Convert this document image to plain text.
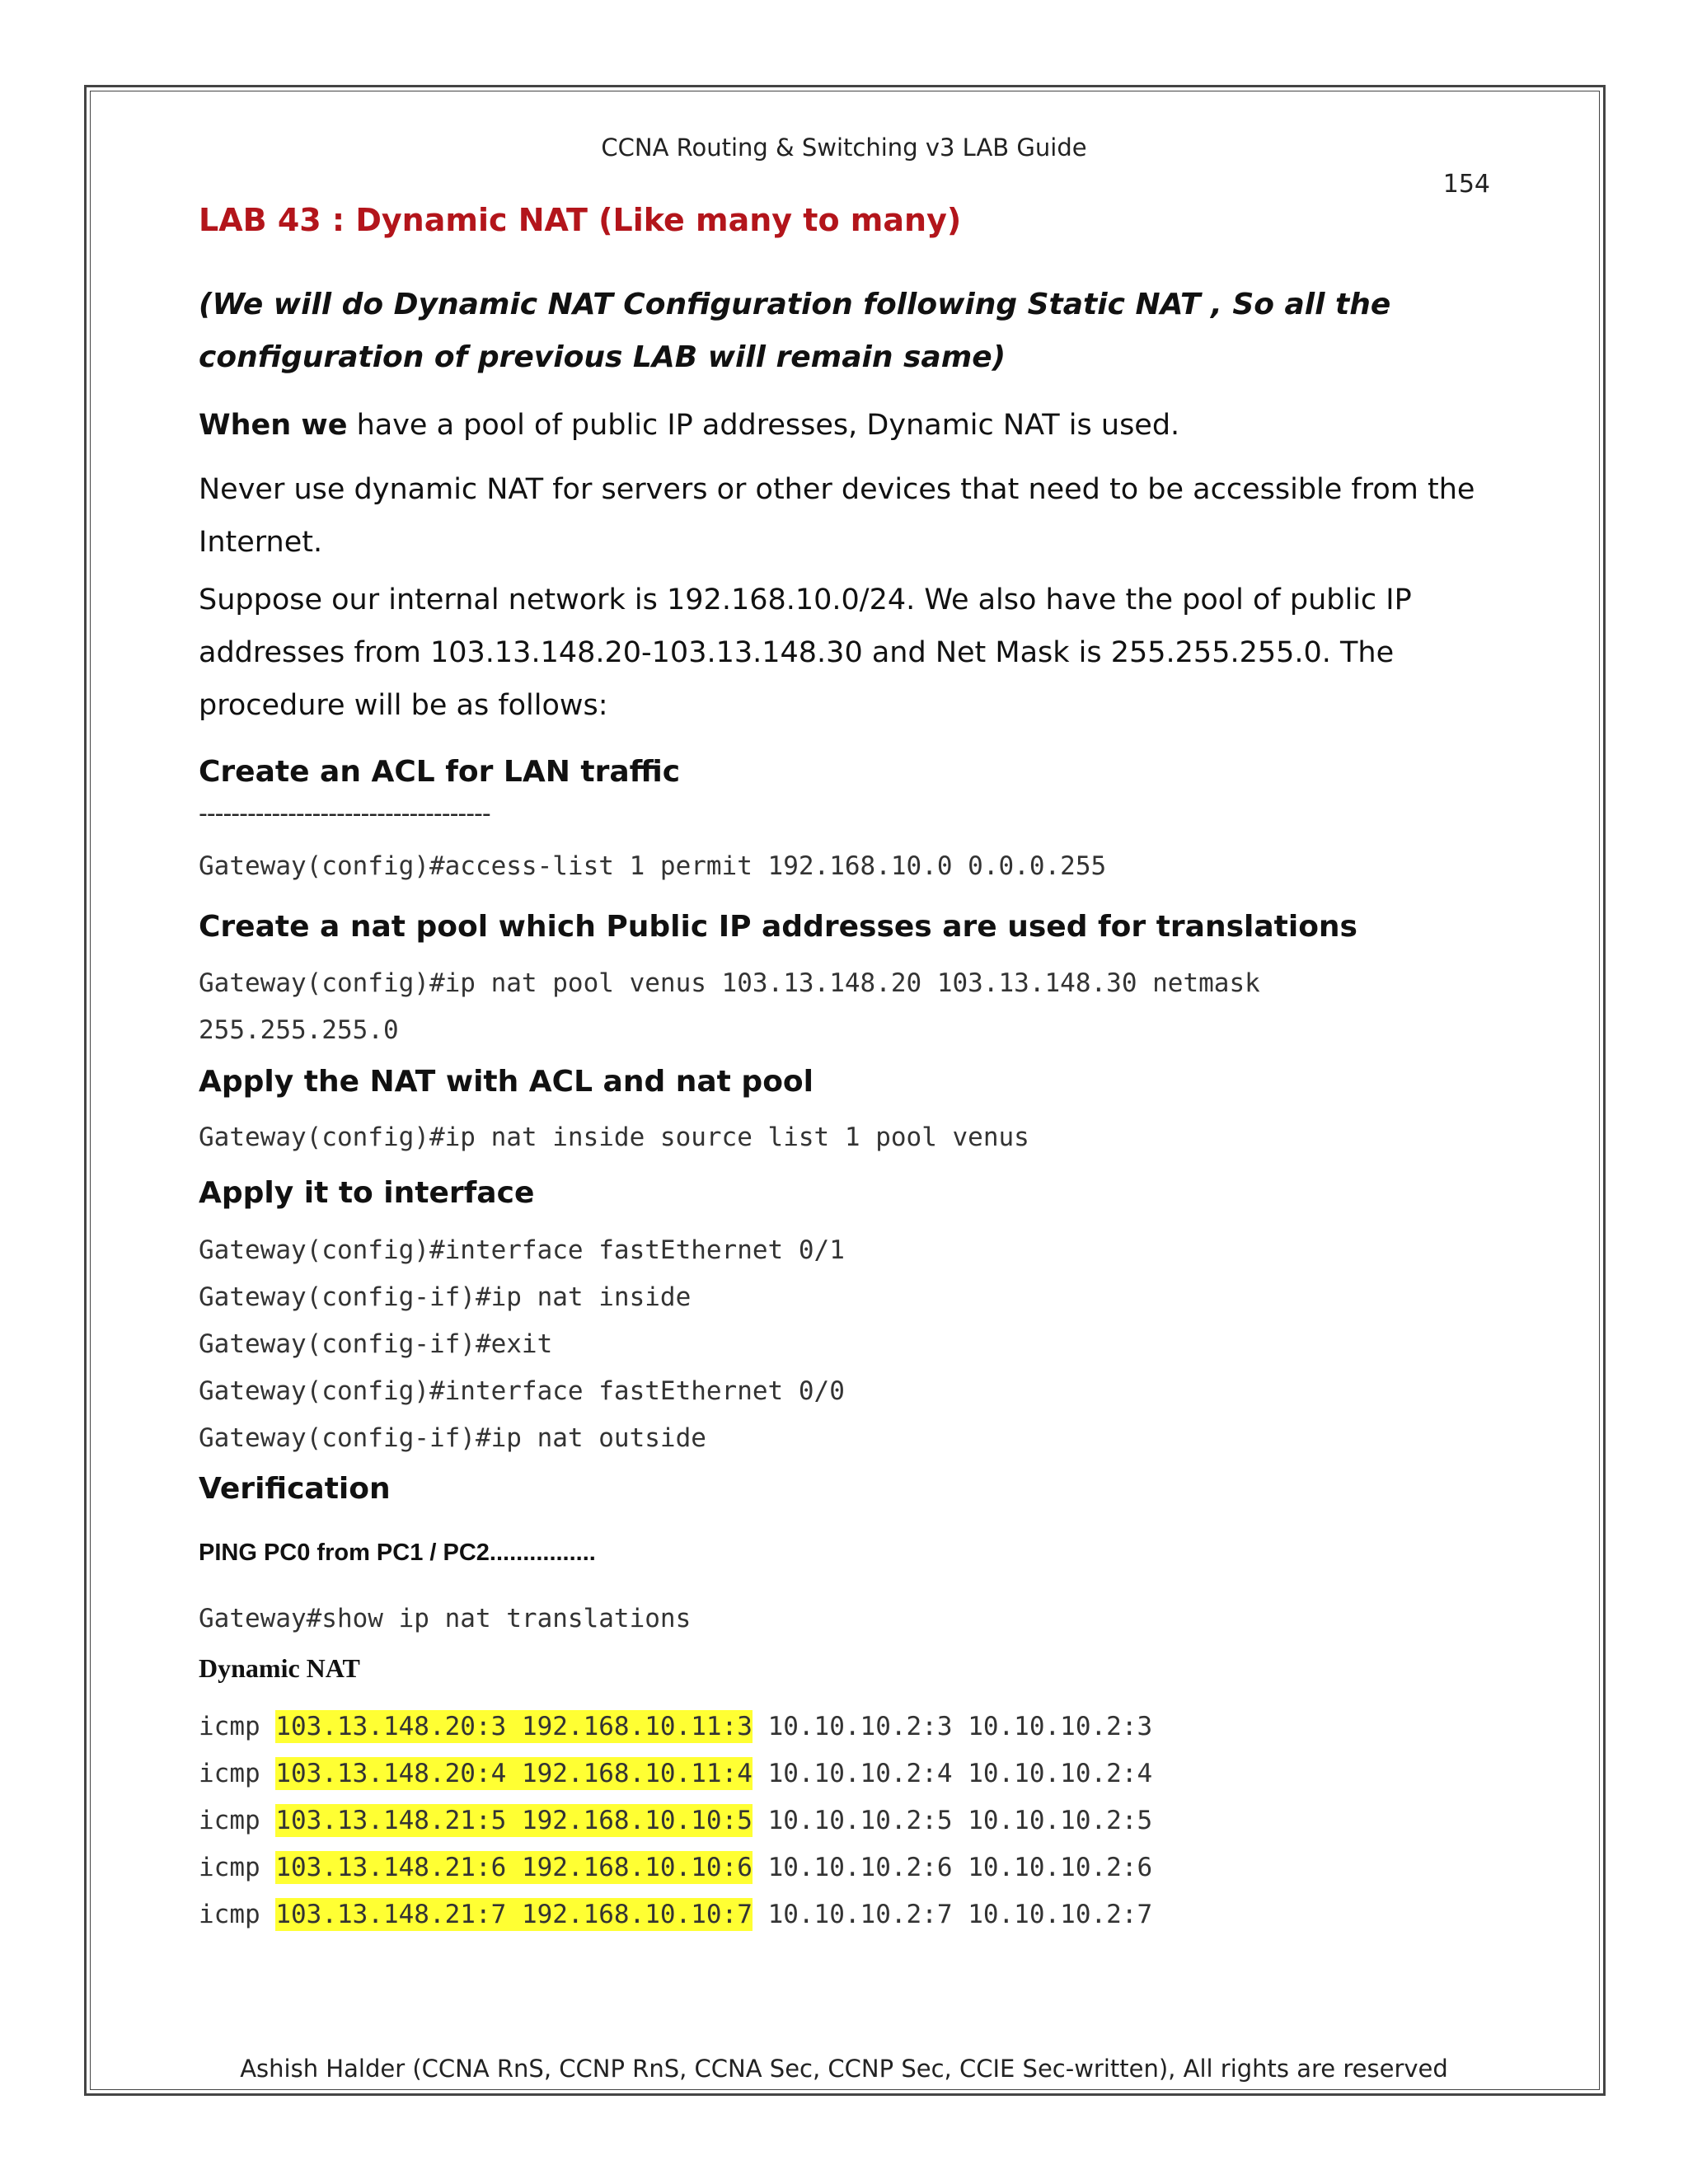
CCNA Routing & Switching v3 LAB Guide
154
LAB 43 : Dynamic NAT (Like many to many)
(We will do Dynamic NAT Configuration following Static NAT , So all the configuration of previous LAB will remain same)
When we have a pool of public IP addresses, Dynamic NAT is used.
Never use dynamic NAT for servers or other devices that need to be accessible from the Internet.
Suppose our internal network is 192.168.10.0/24. We also have the pool of public IP addresses from 103.13.148.20-103.13.148.30 and Net Mask is 255.255.255.0. The procedure will be as follows:
Create an ACL for LAN traffic
------------------------------------
Gateway(config)#access-list 1 permit 192.168.10.0 0.0.0.255
Create a nat pool which Public IP addresses are used for translations
Gateway(config)#ip nat pool venus 103.13.148.20 103.13.148.30 netmask
255.255.255.0
Apply the NAT with ACL and nat pool
Gateway(config)#ip nat inside source list 1 pool venus
Apply it to interface
Gateway(config)#interface fastEthernet 0/1
Gateway(config-if)#ip nat inside
Gateway(config-if)#exit
Gateway(config)#interface fastEthernet 0/0
Gateway(config-if)#ip nat outside
Verification
PING PC0 from PC1 / PC2................
Gateway#show ip nat translations
Dynamic NAT
icmp 103.13.148.20:3 192.168.10.11:3 10.10.10.2:3 10.10.10.2:3
icmp 103.13.148.20:4 192.168.10.11:4 10.10.10.2:4 10.10.10.2:4
icmp 103.13.148.21:5 192.168.10.10:5 10.10.10.2:5 10.10.10.2:5
icmp 103.13.148.21:6 192.168.10.10:6 10.10.10.2:6 10.10.10.2:6
icmp 103.13.148.21:7 192.168.10.10:7 10.10.10.2:7 10.10.10.2:7
Ashish Halder (CCNA RnS, CCNP RnS, CCNA Sec, CCNP Sec, CCIE Sec-written), All rights are reserved
